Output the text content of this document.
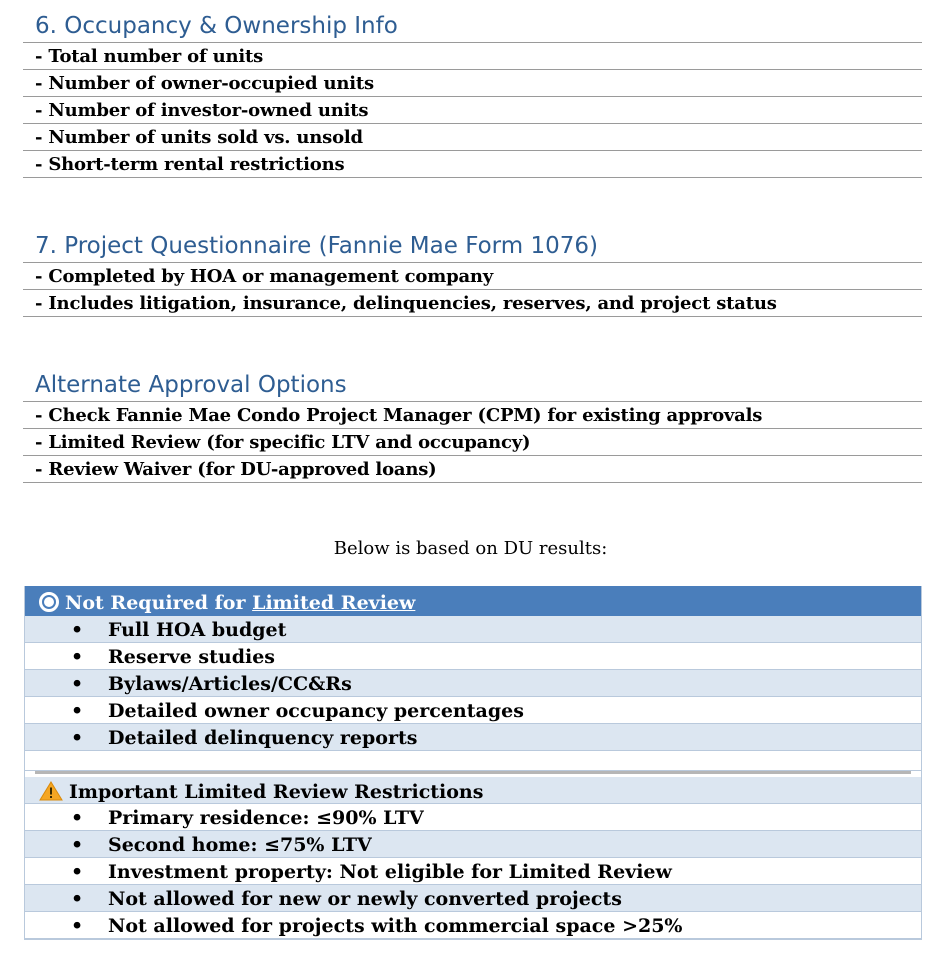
6. Occupancy & Ownership Info
- Total number of units
- Number of owner-occupied units
- Number of investor-owned units
- Number of units sold vs. unsold
- Short-term rental restrictions
7. Project Questionnaire (Fannie Mae Form 1076)
- Completed by HOA or management company
- Includes litigation, insurance, delinquencies, reserves, and project status
Alternate Approval Options
- Check Fannie Mae Condo Project Manager (CPM) for existing approvals
- Limited Review (for specific LTV and occupancy)
- Review Waiver (for DU-approved loans)
Below is based on DU results:
Not Required for Limited Review
• Full HOA budget
• Reserve studies
• Bylaws/Articles/CC&Rs
• Detailed owner occupancy percentages
• Detailed delinquency reports
Important Limited Review Restrictions
• Primary residence: ≤90% LTV
• Second home: ≤75% LTV
• Investment property: Not eligible for Limited Review
• Not allowed for new or newly converted projects
• Not allowed for projects with commercial space >25%
